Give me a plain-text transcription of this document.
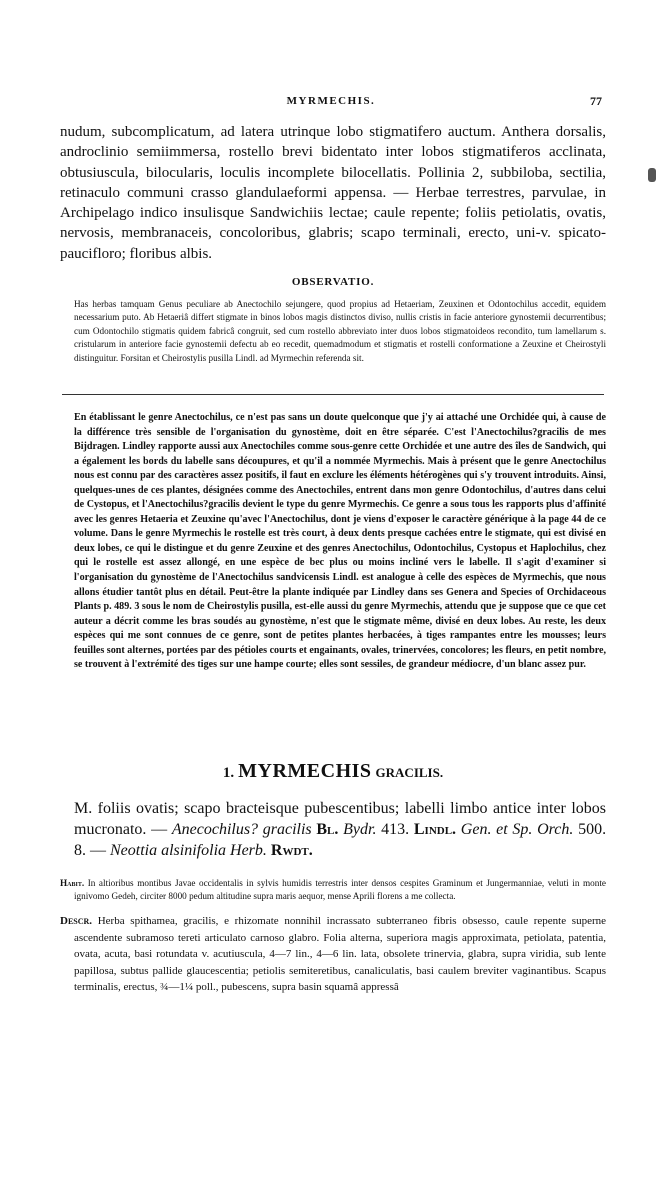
MYRMECHIS.	77
nudum, subcomplicatum, ad latera utrinque lobo stigmatifero auctum. Anthera dorsalis, androclinio semiimmersa, rostello brevi bidentato inter lobos stigmatiferos acclinata, obtusiuscula, bilocularis, loculis incomplete bilocellatis. Pollinia 2, subbiloba, sectilia, retinaculo communi crasso glandulaeformi appensa. — Herbae terrestres, parvulae, in Archipelago indico insulisque Sandwichiis lectae; caule repente; foliis petiolatis, ovatis, nervosis, membranaceis, concoloribus, glabris; scapo terminali, erecto, uni-v. spicato-paucifloro; floribus albis.
OBSERVATIO.
Has herbas tamquam Genus peculiare ab Anectochilo sejungere, quod propius ad Hetaeriam, Zeuxinen et Odontochilus accedit, equidem necessarium puto. Ab Hetaeriâ differt stigmate in binos lobos magis distinctos diviso, nullis cristis in facie anteriore gynostemii decurrentibus; cum Odontochilo stigmatis quidem fabricâ congruit, sed cum rostello abbreviato inter duos lobos stigmatoideos recondito, tum lamellarum s. cristularum in anteriore facie gynostemii defectu ab eo recedit, quemadmodum et stigmatis et rostelli conformatione a Zeuxine et Cheirostyli distinguitur. Forsitan et Cheirostylis pusilla Lindl. ad Myrmechin referenda sit.
En établissant le genre Anectochilus, ce n'est pas sans un doute quelconque que j'y ai attaché une Orchidée qui, à cause de la différence très sensible de l'organisation du gynostème, doit en être séparée. C'est l'Anectochilus?gracilis de mes Bijdragen. Lindley rapporte aussi aux Anectochiles comme sous-genre cette Orchidée et une autre des îles de Sandwich, qui a également les bords du labelle sans découpures, et qu'il a nommée Myrmechis. Mais à présent que le genre Anectochilus nous est connu par des caractères assez positifs, il faut en exclure les éléments hétérogènes qui s'y trouvent introduits. Ainsi, quelques-unes de ces plantes, désignées comme des Anectochiles, entrent dans mon genre Odontochilus, d'autres dans celui de Cystopus, et l'Anectochilus?gracilis devient le type du genre Myrmechis. Ce genre a sous tous les rapports plus d'affinité avec les genres Hetaeria et Zeuxine qu'avec l'Anectochilus, dont je viens d'exposer le caractère générique à la page 44 de ce volume. Dans le genre Myrmechis le rostelle est très court, à deux dents presque cachées entre le stigmate, qui est divisé en deux lobes, ce qui le distingue et du genre Zeuxine et des genres Anectochilus, Odontochilus, Cystopus et Haplochilus, chez qui le rostelle est assez allongé, en une espèce de bec plus ou moins incliné vers le labelle. Il s'agit d'examiner si l'organisation du gynostème de l'Anectochilus sandvicensis Lindl. est analogue à celle des espèces de Myrmechis, que nous allons étudier tantôt plus en détail. Peut-être la plante indiquée par Lindley dans ses Genera and Species of Orchidaceous Plants p. 489. 3 sous le nom de Cheirostylis pusilla, est-elle aussi du genre Myrmechis, attendu que je suppose que ce que cet auteur a décrit comme les bras soudés au gynostème, n'est que le stigmate même, divisé en deux lobes. Au reste, les deux espèces qui me sont connues de ce genre, sont de petites plantes herbacées, à tiges rampantes entre les mousses; leurs feuilles sont alternes, portées par des pétioles courts et engainants, ovales, trinervées, concolores; les fleurs, en petit nombre, se trouvent à l'extrémité des tiges sur une hampe courte; elles sont sessiles, de grandeur médiocre, d'un blanc assez pur.
1. MYRMECHIS GRACILIS.
M. foliis ovatis; scapo bracteisque pubescentibus; labelli limbo antice inter lobos mucronato. — Anecochilus? gracilis Bl. Bydr. 413. Lindl. Gen. et Sp. Orch. 500. 8. — Neottia alsinifolia Herb. Rwdt.
Habit. In altioribus montibus Javae occidentalis in sylvis humidis terrestris inter densos cespites Graminum et Jungermanniae, veluti in monte ignivomo Gedeh, circiter 8000 pedum altitudine supra maris aequor, mense Aprili florens a me collecta.
Descr. Herba spithamea, gracilis, e rhizomate nonnihil incrassato subterraneo fibris obsesso, caule repente superne ascendente subramoso tereti articulato carnoso glabro. Folia alterna, superiora magis approximata, petiolata, patentia, ovata, acuta, basi rotundata v. acutiuscula, 4—7 lin., 4—6 lin. lata, obsolete trinervia, glabra, supra viridia, sub lente papillosa, subtus pallide glaucescentia; petiolis semiteretibus, canaliculatis, basi caulem breviter vaginantibus. Scapus terminalis, erectus, ¾—1¼ poll., pubescens, supra basin squamâ appressâ
